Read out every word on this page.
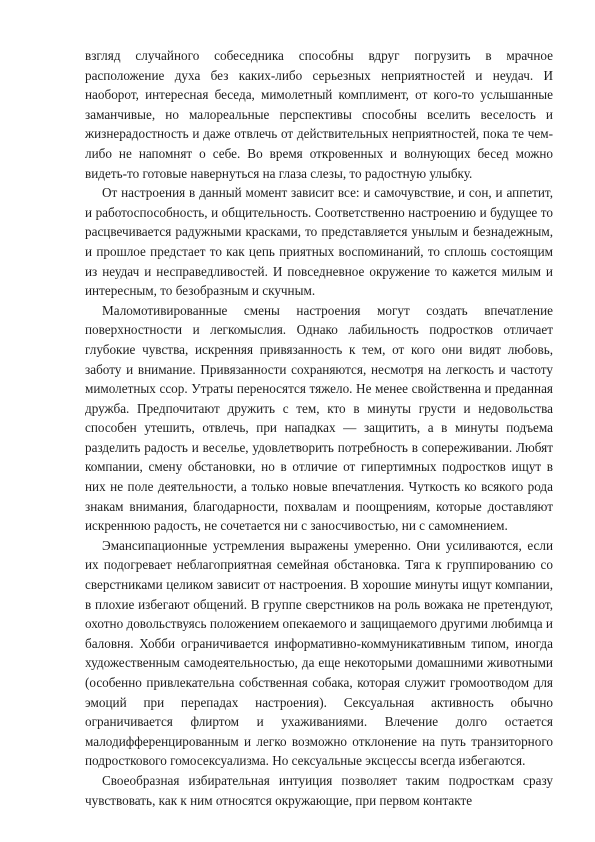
взгляд случайного собеседника способны вдруг погрузить в мрачное расположение духа без каких-либо серьезных неприятностей и неудач. И наоборот, интересная беседа, мимолетный комплимент, от кого-то услышанные заманчивые, но малореальные перспективы способны вселить веселость и жизнерадостность и даже отвлечь от действительных неприятностей, пока те чем-либо не напомнят о себе. Во время откровенных и волнующих бесед можно видеть-то готовые навернуться на глаза слезы, то радостную улыбку.

От настроения в данный момент зависит все: и самочувствие, и сон, и аппетит, и работоспособность, и общительность. Соответственно настроению и будущее то расцвечивается радужными красками, то представляется унылым и безнадежным, и прошлое предстает то как цепь приятных воспоминаний, то сплошь состоящим из неудач и несправедливостей. И повседневное окружение то кажется милым и интересным, то безобразным и скучным.

Маломотивированные смены настроения могут создать впечатление поверхностности и легкомыслия. Однако лабильность подростков отличает глубокие чувства, искренняя привязанность к тем, от кого они видят любовь, заботу и внимание. Привязанности сохраняются, несмотря на легкость и частоту мимолетных ссор. Утраты переносятся тяжело. Не менее свойственна и преданная дружба. Предпочитают дружить с тем, кто в минуты грусти и недовольства способен утешить, отвлечь, при нападках — защитить, а в минуты подъема разделить радость и веселье, удовлетворить потребность в сопереживании. Любят компании, смену обстановки, но в отличие от гипертимных подростков ищут в них не поле деятельности, а только новые впечатления. Чуткость ко всякого рода знакам внимания, благодарности, похвалам и поощрениям, которые доставляют искреннюю радость, не сочетается ни с заносчивостью, ни с самомнением.

Эмансипационные устремления выражены умеренно. Они усиливаются, если их подогревает неблагоприятная семейная обстановка. Тяга к группированию со сверстниками целиком зависит от настроения. В хорошие минуты ищут компании, в плохие избегают общений. В группе сверстников на роль вожака не претендуют, охотно довольствуясь положением опекаемого и защищаемого другими любимца и баловня. Хобби ограничивается информативно-коммуникативным типом, иногда художественным самодеятельностью, да еще некоторыми домашними животными (особенно привлекательна собственная собака, которая служит громоотводом для эмоций при перепадах настроения). Сексуальная активность обычно ограничивается флиртом и ухаживаниями. Влечение долго остается малодифференцированным и легко возможно отклонение на путь транзиторного подросткового гомосексуализма. Но сексуальные эксцессы всегда избегаются.

Своеобразная избирательная интуиция позволяет таким подросткам сразу чувствовать, как к ним относятся окружающие, при первом контакте
